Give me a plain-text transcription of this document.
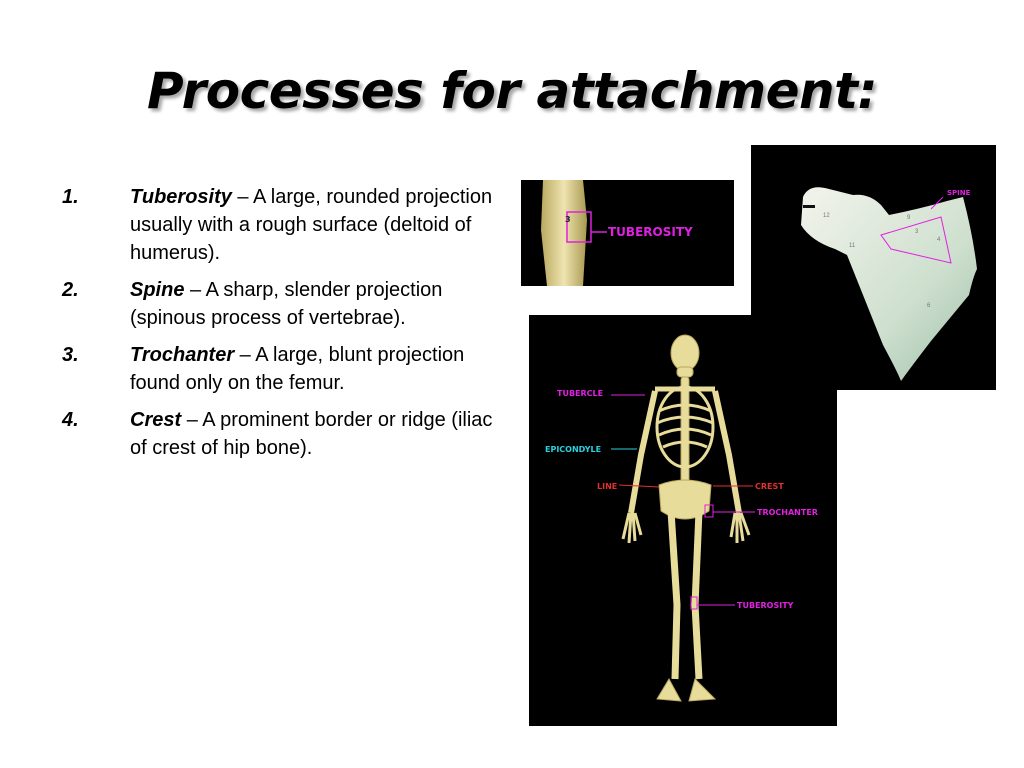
Processes for attachment:
1.	Tuberosity – A large, rounded projection usually with a rough surface (deltoid of humerus).
2.	Spine – A sharp, slender projection (spinous process of vertebrae).
3.	Trochanter – A large, blunt projection found only on the femur.
4.	Crest – A prominent border or ridge (iliac of crest of hip bone).
3
TUBEROSITY
SPINE
12	9
3
4
11
6
TUBERCLE
EPICONDYLE
LINE	CREST
TROCHANTER
TUBEROSITY
